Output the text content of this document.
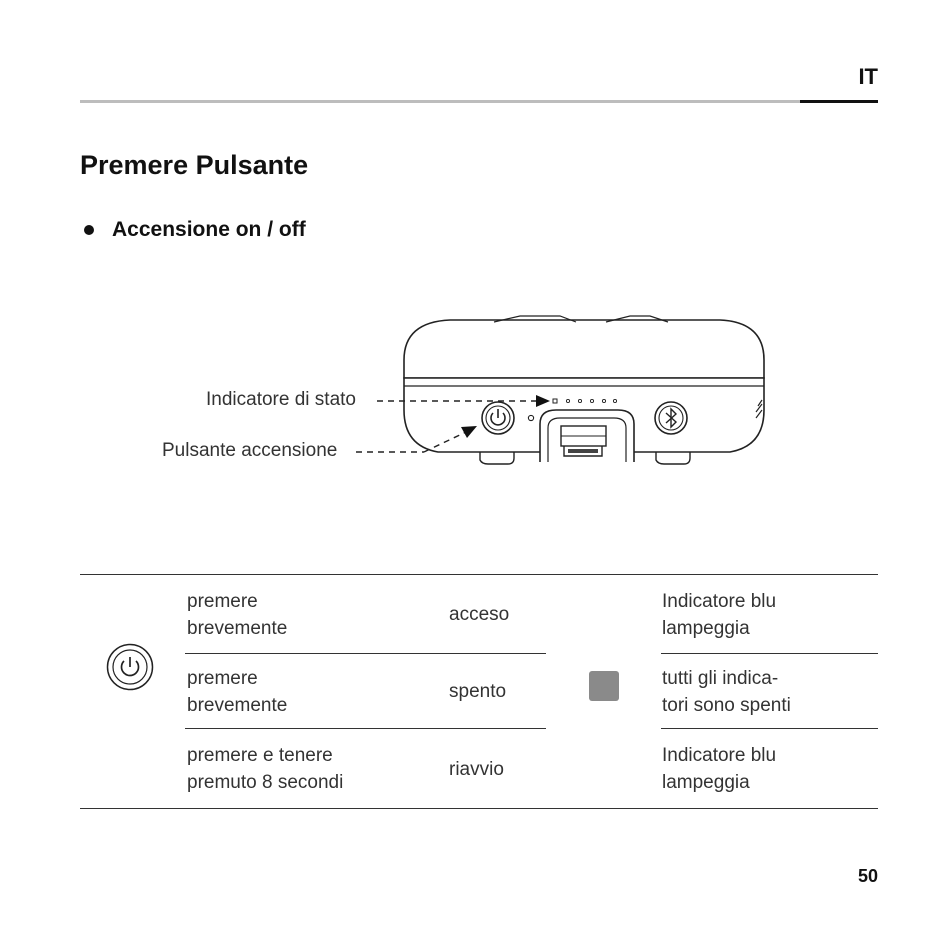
IT
Premere Pulsante
Accensione on / off
Indicatore di stato
Pulsante accensione
premere
brevemente
acceso
Indicatore blu
lampeggia
premere
brevemente
spento
tutti gli indica-
tori sono spenti
premere e tenere
premuto 8 secondi
riavvio
Indicatore blu
lampeggia
50
